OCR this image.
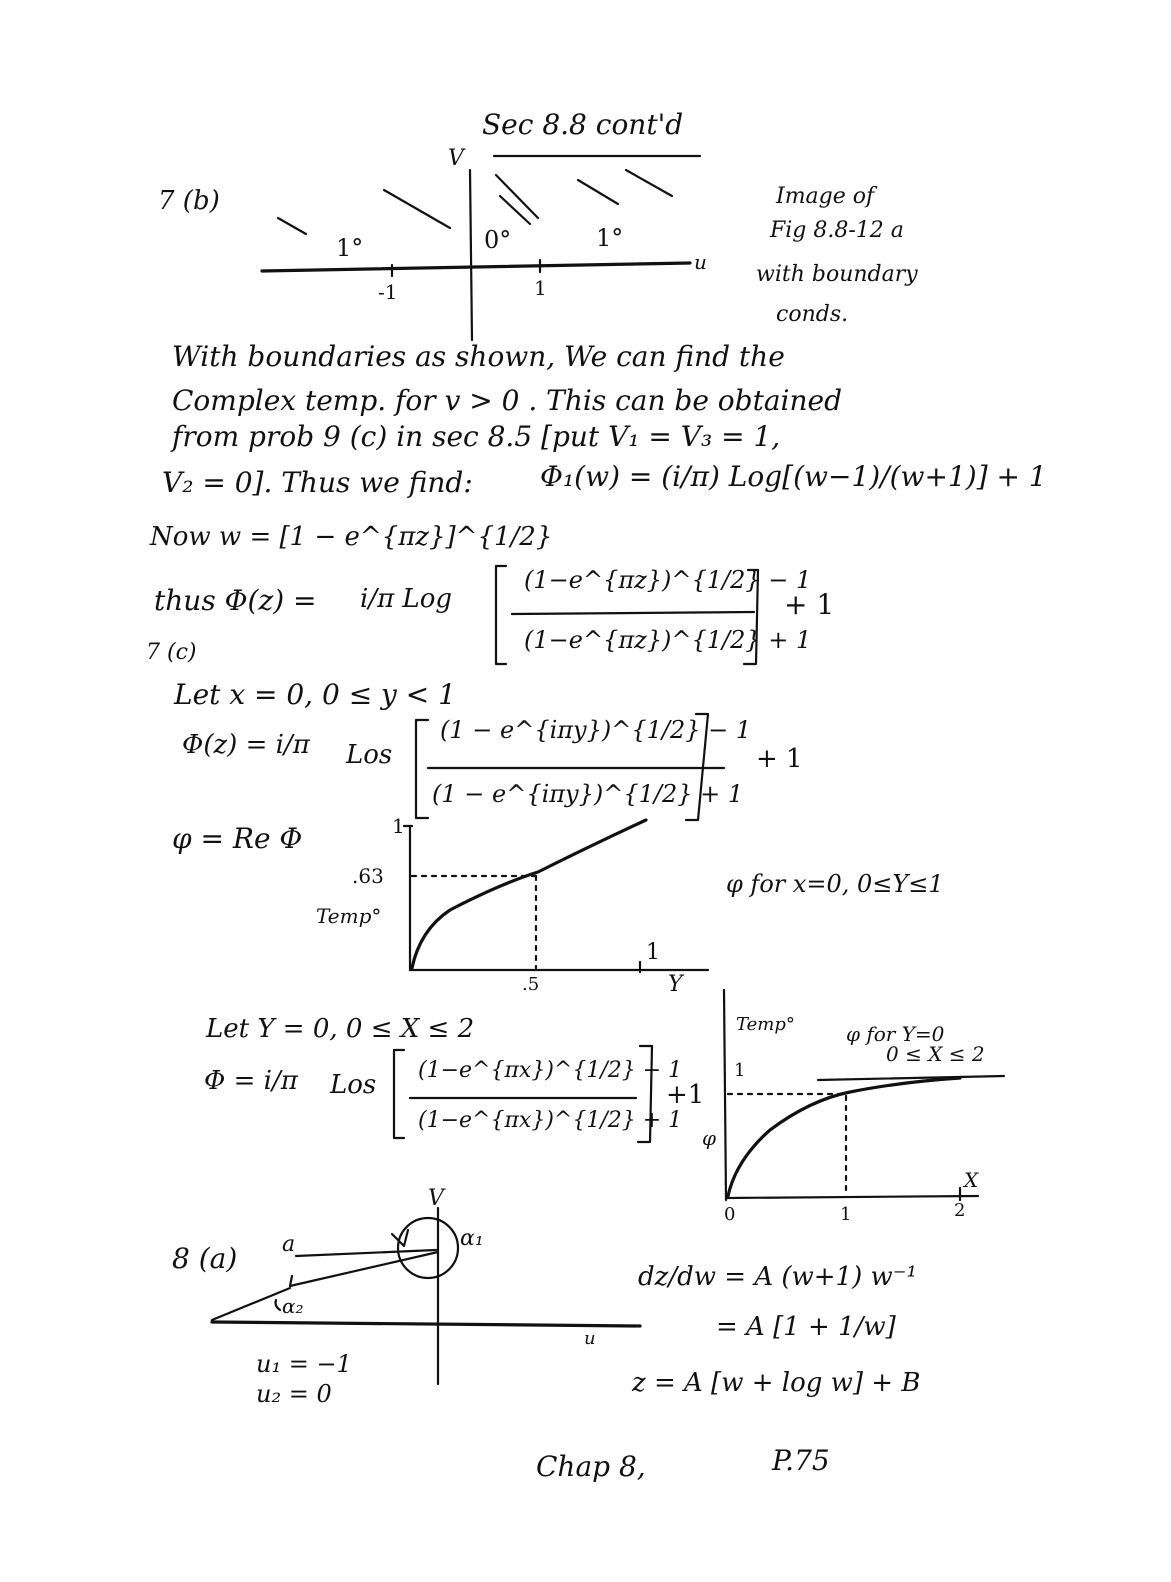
Sec 8.8 cont'd
7 (b)
V
u
1°	0°	1°
-1	1
Image of
Fig 8.8-12 a
with boundary
conds.
With boundaries as shown, We can find the
Complex temp. for v > 0 . This can be obtained
from prob 9 (c) in sec 8.5 [put V₁ = V₃ = 1,
V₂ = 0]. Thus we find: Φ₁(w) = (i/π) Log[(w−1)/(w+1)] + 1
Now w = [1 − e^{πz}]^{1/2}
thus Φ(z) = i/π Log
(1−e^{πz})^{1/2} − 1
(1−e^{πz})^{1/2} + 1
+ 1
7 (c)
Let x = 0, 0 ≤ y < 1
Φ(z) = i/π Los
(1 − e^{iπy})^{1/2} − 1
(1 − e^{iπy})^{1/2} + 1
+ 1
φ = Re Φ	1
.63
Temp°
.5
1
Y
φ for x=0, 0≤Y≤1
Let Y = 0, 0 ≤ X ≤ 2
Φ = i/π Los (1−e^{πx})^{1/2} − 1
(1−e^{πx})^{1/2} + 1
+1
Temp°
1
φ
φ for Y=0
0 ≤ X ≤ 2
0	1	2
X
8 (a)
V
u
a	α₁
α₂
u₁ = −1
u₂ = 0
dz/dw = A (w+1) w⁻¹
= A [1 + 1/w]
z = A [w + log w] + B
Chap 8,	P.75
